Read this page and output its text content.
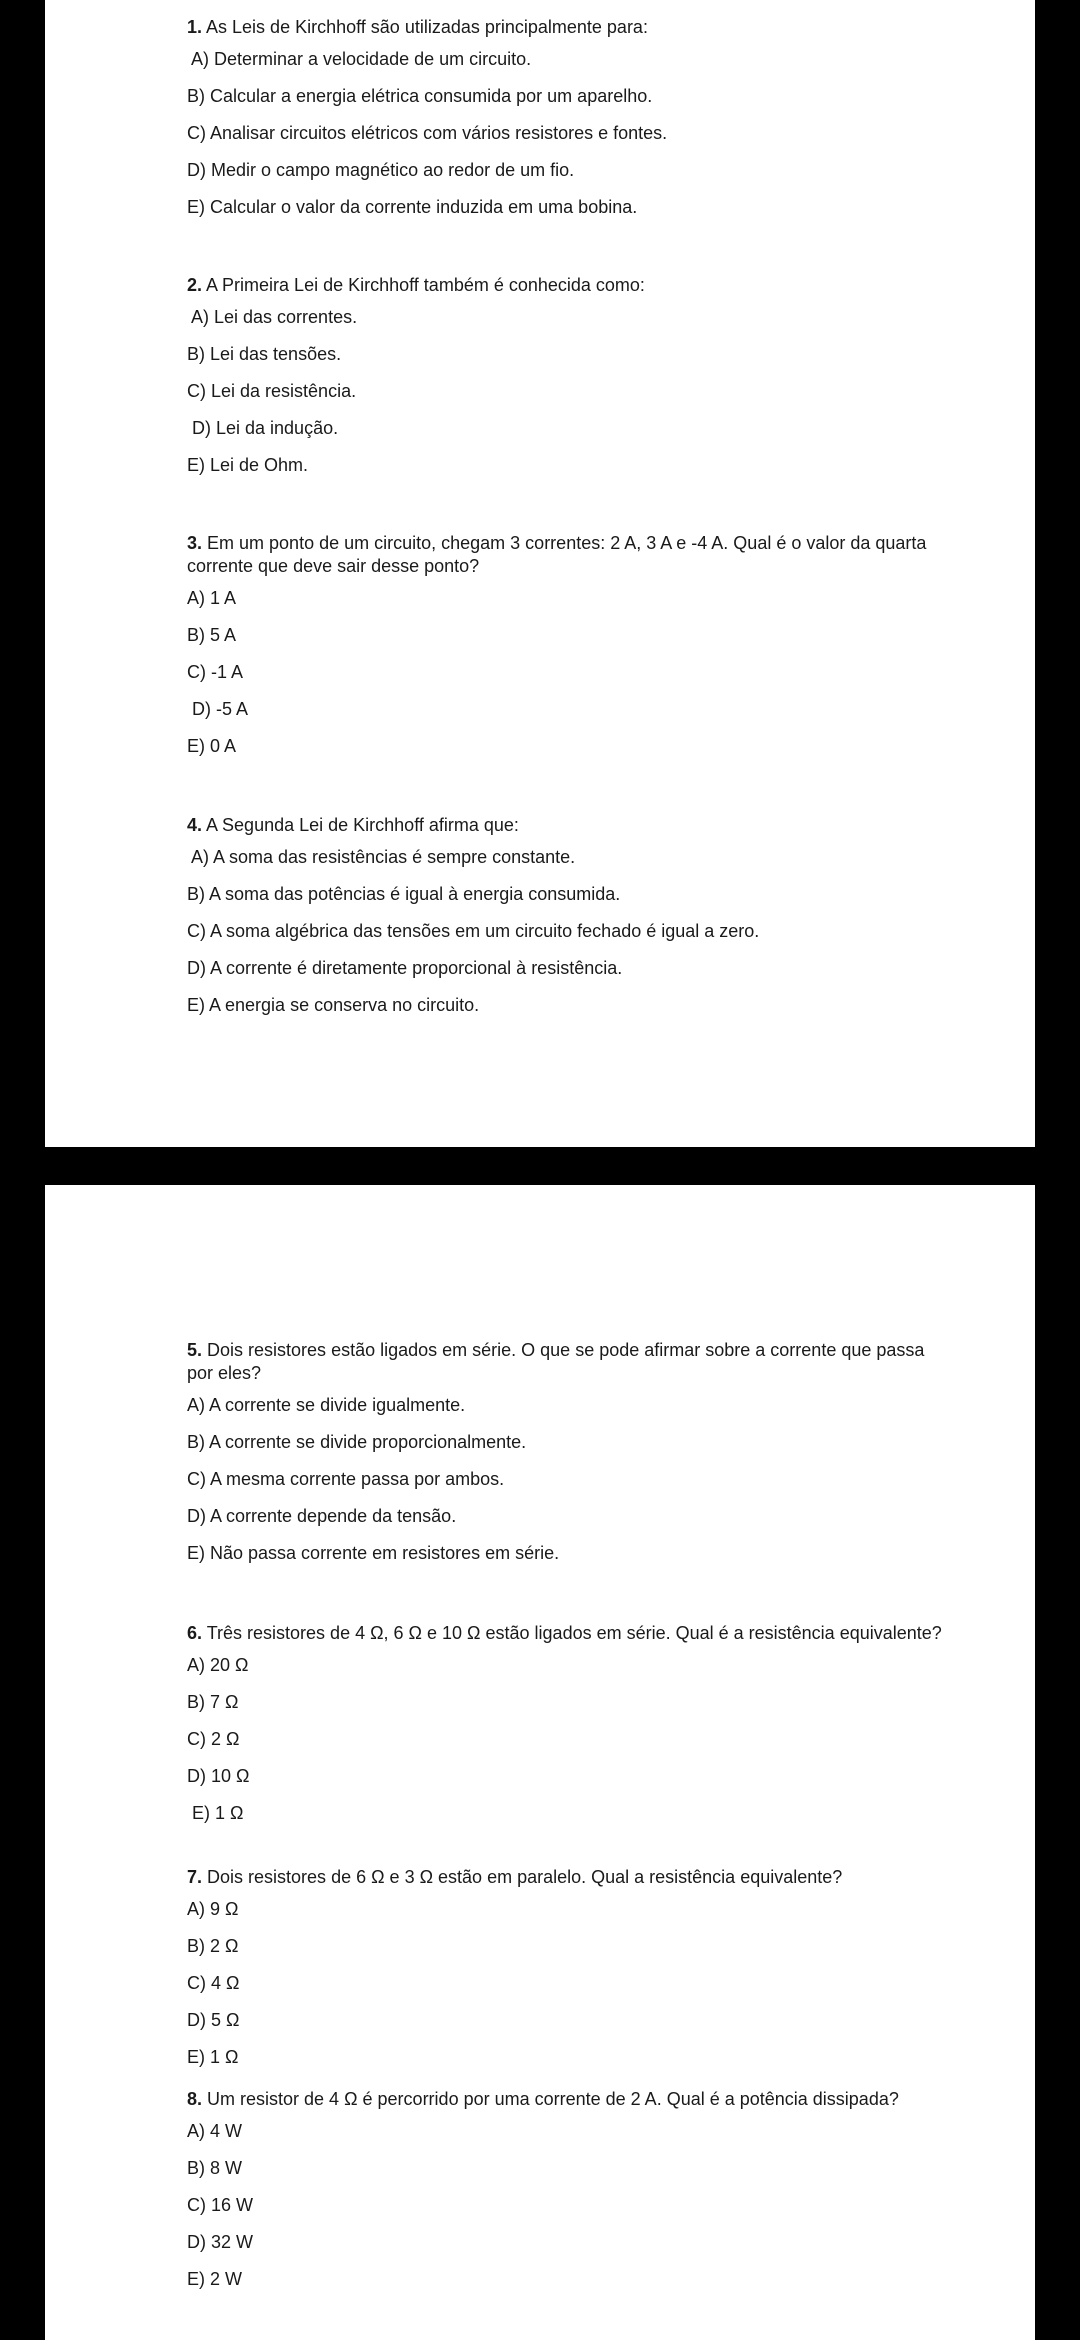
1. As Leis de Kirchhoff são utilizadas principalmente para:
A) Determinar a velocidade de um circuito.
B) Calcular a energia elétrica consumida por um aparelho.
C) Analisar circuitos elétricos com vários resistores e fontes.
D) Medir o campo magnético ao redor de um fio.
E) Calcular o valor da corrente induzida em uma bobina.
2. A Primeira Lei de Kirchhoff também é conhecida como:
A) Lei das correntes.
B) Lei das tensões.
C) Lei da resistência.
D) Lei da indução.
E) Lei de Ohm.
3. Em um ponto de um circuito, chegam 3 correntes: 2 A, 3 A e -4 A. Qual é o valor da quarta corrente que deve sair desse ponto?
A) 1 A
B) 5 A
C) -1 A
D) -5 A
E) 0 A
4. A Segunda Lei de Kirchhoff afirma que:
A) A soma das resistências é sempre constante.
B) A soma das potências é igual à energia consumida.
C) A soma algébrica das tensões em um circuito fechado é igual a zero.
D) A corrente é diretamente proporcional à resistência.
E) A energia se conserva no circuito.
5. Dois resistores estão ligados em série. O que se pode afirmar sobre a corrente que passa por eles?
A) A corrente se divide igualmente.
B) A corrente se divide proporcionalmente.
C) A mesma corrente passa por ambos.
D) A corrente depende da tensão.
E) Não passa corrente em resistores em série.
6. Três resistores de 4 Ω, 6 Ω e 10 Ω estão ligados em série. Qual é a resistência equivalente?
A) 20 Ω
B) 7 Ω
C) 2 Ω
D) 10 Ω
E) 1 Ω
7. Dois resistores de 6 Ω e 3 Ω estão em paralelo. Qual a resistência equivalente?
A) 9 Ω
B) 2 Ω
C) 4 Ω
D) 5 Ω
E) 1 Ω
8. Um resistor de 4 Ω é percorrido por uma corrente de 2 A. Qual é a potência dissipada?
A) 4 W
B) 8 W
C) 16 W
D) 32 W
E) 2 W
